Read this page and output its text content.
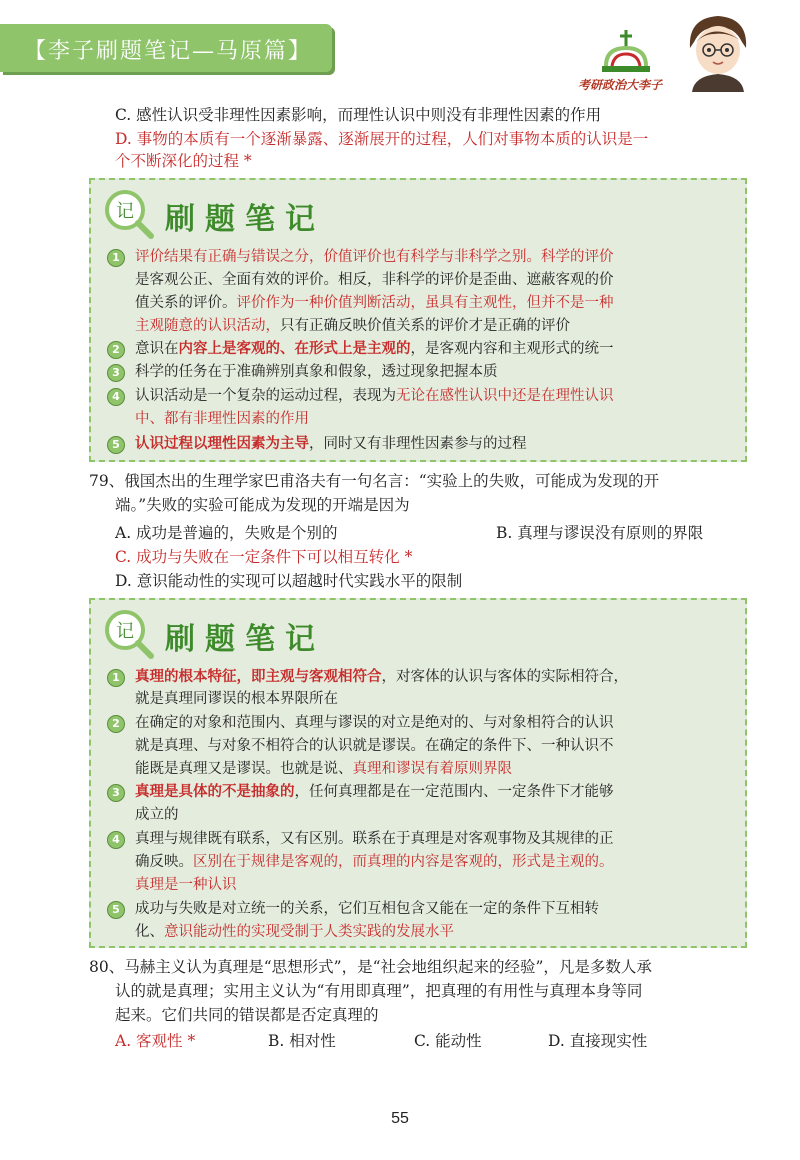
【李子刷题笔记—马原篇】
考研政治大李子
C. 感性认识受非理性因素影响，而理性认识中则没有非理性因素的作用
D. 事物的本质有一个逐渐暴露、逐渐展开的过程，人们对事物本质的认识是一
个不断深化的过程 *
记 刷题笔记
1	评价结果有正确与错误之分，价值评价也有科学与非科学之别。科学的评价
是客观公正、全面有效的评价。相反，非科学的评价是歪曲、遮蔽客观的价
值关系的评价。评价作为一种价值判断活动，虽具有主观性，但并不是一种
主观随意的认识活动，只有正确反映价值关系的评价才是正确的评价
2	意识在内容上是客观的、在形式上是主观的，是客观内容和主观形式的统一
3	科学的任务在于准确辨别真象和假象，透过现象把握本质
4	认识活动是一个复杂的运动过程，表现为无论在感性认识中还是在理性认识
中、都有非理性因素的作用
5	认识过程以理性因素为主导，同时又有非理性因素参与的过程
79、俄国杰出的生理学家巴甫洛夫有一句名言：“实验上的失败，可能成为发现的开
端。”失败的实验可能成为发现的开端是因为
A. 成功是普遍的，失败是个别的	B. 真理与谬误没有原则的界限
C. 成功与失败在一定条件下可以相互转化 *
D. 意识能动性的实现可以超越时代实践水平的限制
记 刷题笔记
1	真理的根本特征，即主观与客观相符合，对客体的认识与客体的实际相符合，
就是真理同谬误的根本界限所在
2	在确定的对象和范围内、真理与谬误的对立是绝对的、与对象相符合的认识
就是真理、与对象不相符合的认识就是谬误。在确定的条件下、一种认识不
能既是真理又是谬误。也就是说、真理和谬误有着原则界限
3	真理是具体的不是抽象的，任何真理都是在一定范围内、一定条件下才能够
成立的
4	真理与规律既有联系，又有区别。联系在于真理是对客观事物及其规律的正
确反映。区别在于规律是客观的，而真理的内容是客观的，形式是主观的。
真理是一种认识
5	成功与失败是对立统一的关系，它们互相包含又能在一定的条件下互相转
化、意识能动性的实现受制于人类实践的发展水平
80、马赫主义认为真理是“思想形式”，是“社会地组织起来的经验”，凡是多数人承
认的就是真理；实用主义认为“有用即真理”，把真理的有用性与真理本身等同
起来。它们共同的错误都是否定真理的
A. 客观性 *	B. 相对性	C. 能动性	D. 直接现实性
55
